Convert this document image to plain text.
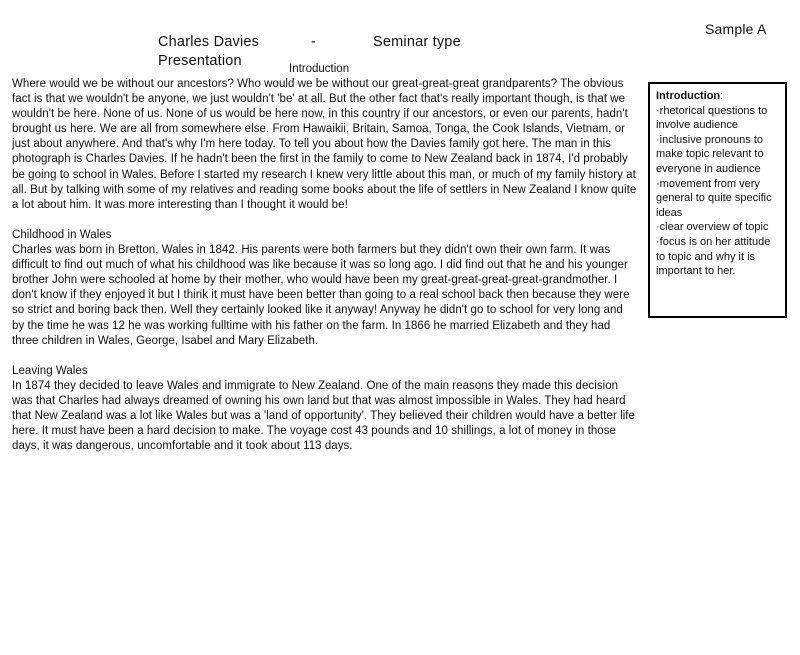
Charles Davies	-	Seminar type
Presentation	Introduction
Sample A

Where would we be without our ancestors? Who would we be without our great-great-great grandparents? The obvious fact is that we wouldn't be anyone, we just wouldn't 'be' at all. But the other fact that's really important though, is that we wouldn't be here. None of us. None of us would be here now, in this country if our ancestors, or even our parents, hadn't brought us here. We are all from somewhere else. From Hawaikii, Britain, Samoa, Tonga, the Cook Islands, Vietnam, or just about anywhere. And that's why I'm here today. To tell you about how the Davies family got here. The man in this photograph is Charles Davies. If he hadn't been the first in the family to come to New Zealand back in 1874, I'd probably be going to school in Wales. Before I started my research I knew very little about this man, or much of my family history at all. But by talking with some of my relatives and reading some books about the life of settlers in New Zealand I know quite a lot about him. It was more interesting than I thought it would be!

Childhood in Wales

Charles was born in Bretton, Wales in 1842. His parents were both farmers but they didn't own their own farm. It was difficult to find out much of what his childhood was like because it was so long ago. I did find out that he and his younger brother John were schooled at home by their mother, who would have been my great-great-great-great-grandmother. I don't know if they enjoyed it but I think it must have been better than going to a real school back then because they were so strict and boring back then. Well they certainly looked like it anyway! Anyway he didn't go to school for very long and by the time he was 12 he was working fulltime with his father on the farm. In 1866 he married Elizabeth and they had three children in Wales, George, Isabel and Mary Elizabeth.

Leaving Wales

In 1874 they decided to leave Wales and immigrate to New Zealand. One of the main reasons they made this decision was that Charles had always dreamed of owning his own land but that was almost impossible in Wales. They had heard that New Zealand was a lot like Wales but was a 'land of opportunity'. They believed their children would have a better life here. It must have been a hard decision to make. The voyage cost 43 pounds and 10 shillings, a lot of money in those days, it was dangerous, uncomfortable and it took about 113 days.

Introduction:
·rhetorical questions to involve audience
·inclusive pronouns to make topic relevant to everyone in audience
·movement from very general to quite specific ideas
·clear overview of topic
·focus is on her attitude to topic and why it is important to her.
